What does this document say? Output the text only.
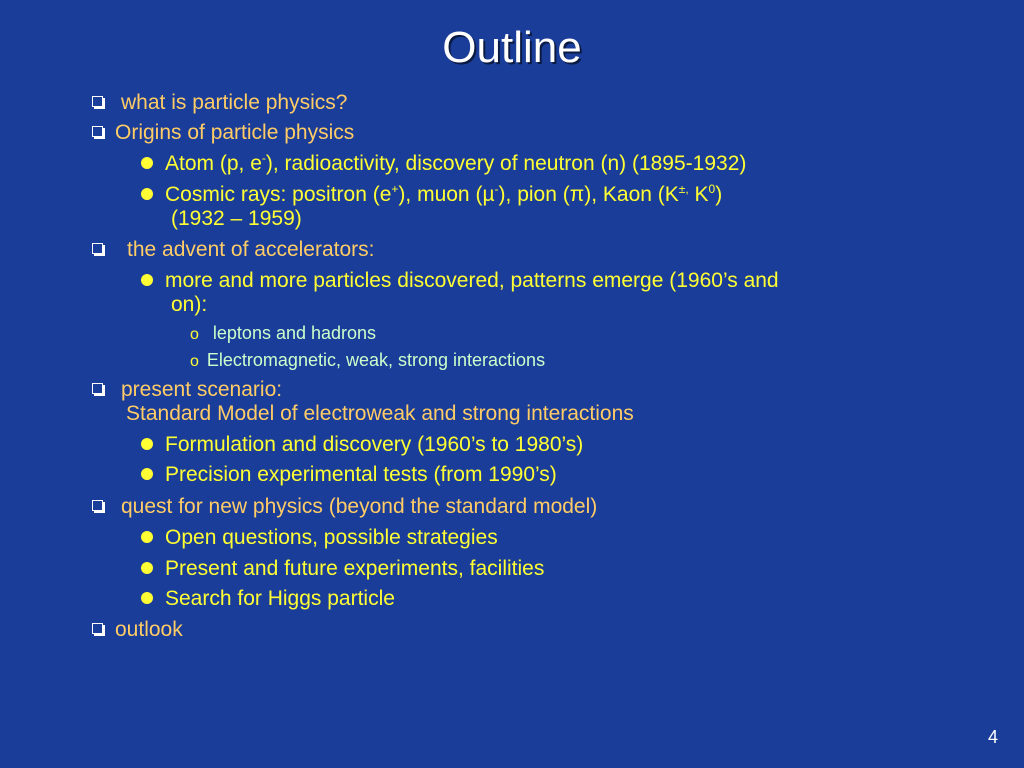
Outline
what is particle physics?
Origins of particle physics
Atom (p, e-), radioactivity, discovery of neutron (n) (1895-1932)
Cosmic rays: positron (e+), muon (µ-), pion (π), Kaon (K±, $K^0$)
(1932 – 1959)
the advent of accelerators:
more and more particles discovered, patterns emerge (1960’s and
on):
o leptons and hadrons
o Electromagnetic, weak, strong interactions
present scenario:
Standard Model of electroweak and strong interactions
Formulation and discovery (1960’s to 1980’s)
Precision experimental tests (from 1990’s)
quest for new physics (beyond the standard model)
Open questions, possible strategies
Present and future experiments, facilities
Search for Higgs particle
outlook
4
